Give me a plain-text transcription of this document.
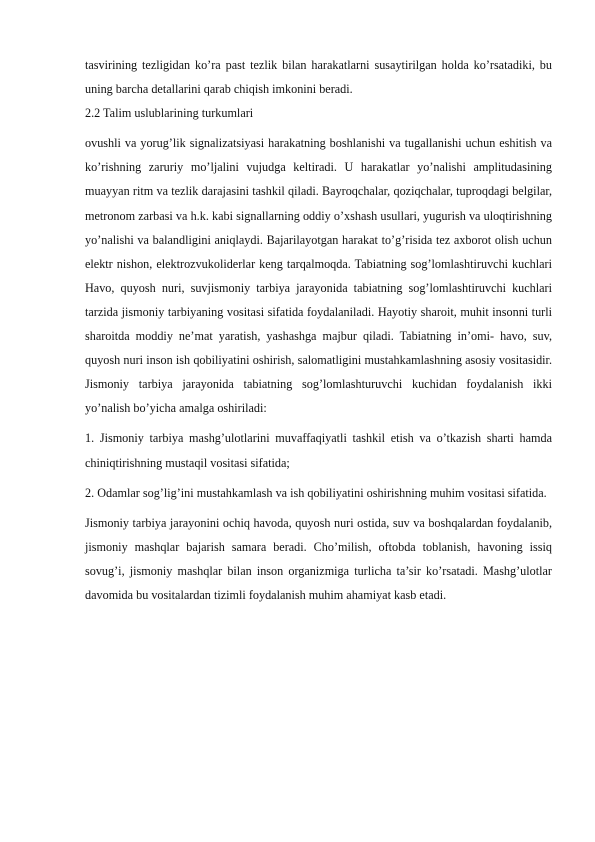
tasvirining tezligidan ko’ra past tezlik bilan harakatlarni susaytirilgan holda ko’rsatadiki, bu uning barcha detallarini qarab chiqish imkonini beradi.

2.2 Talim uslublarining turkumlari

ovushli va yorug’lik signalizatsiyasi harakatning boshlanishi va tugallanishi uchun eshitish va ko’rishning zaruriy mo’ljalini vujudga keltiradi. U harakatlar yo’nalishi amplitudasining muayyan ritm va tezlik darajasini tashkil qiladi. Bayroqchalar, qoziqchalar, tuproqdagi belgilar, metronom zarbasi va h.k. kabi signallarning oddiy o’xshash usullari, yugurish va uloqtirishning yo’nalishi va balandligini aniqlaydi. Bajarilayotgan harakat to’g’risida tez axborot olish uchun elektr nishon, elektrozvukoliderlar keng tarqalmoqda. Tabiatning sog’lomlashtiruvchi kuchlari Havo, quyosh nuri, suvjismoniy tarbiya jarayonida tabiatning sog’lomlashtiruvchi kuchlari tarzida jismoniy tarbiyaning vositasi sifatida foydalaniladi. Hayotiy sharoit, muhit insonni turli sharoitda moddiy ne’mat yaratish, yashashga majbur qiladi. Tabiatning in’omi- havo, suv, quyosh nuri inson ish qobiliyatini oshirish, salomatligini mustahkamlashning asosiy vositasidir. Jismoniy tarbiya jarayonida tabiatning sog’lomlashturuvchi kuchidan foydalanish ikki yo’nalish bo’yicha amalga oshiriladi:

1. Jismoniy tarbiya mashg’ulotlarini muvaffaqiyatli tashkil etish va o’tkazish sharti hamda chiniqtirishning mustaqil vositasi sifatida;

2. Odamlar sog’lig’ini mustahkamlash va ish qobiliyatini oshirishning muhim vositasi sifatida.

Jismoniy tarbiya jarayonini ochiq havoda, quyosh nuri ostida, suv va boshqalardan foydalanib, jismoniy mashqlar bajarish samara beradi. Cho’milish, oftobda toblanish, havoning issiq sovug’i, jismoniy mashqlar bilan inson organizmiga turlicha ta’sir ko’rsatadi. Mashg’ulotlar davomida bu vositalardan tizimli foydalanish muhim ahamiyat kasb etadi.
